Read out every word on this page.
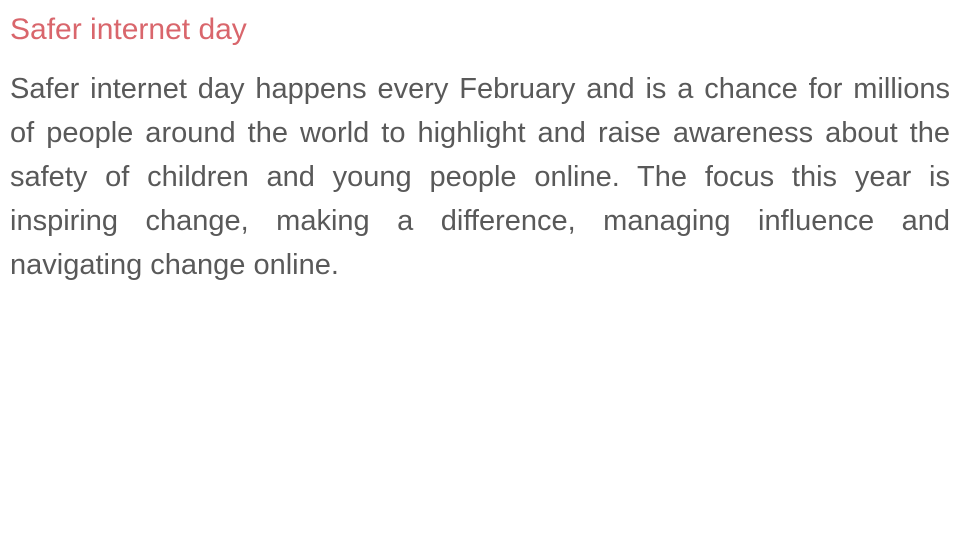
Safer internet day

Safer internet day happens every February and is a chance for millions of people around the world to highlight and raise awareness about the safety of children and young people online. The focus this year is inspiring change, making a difference, managing influence and navigating change online.
